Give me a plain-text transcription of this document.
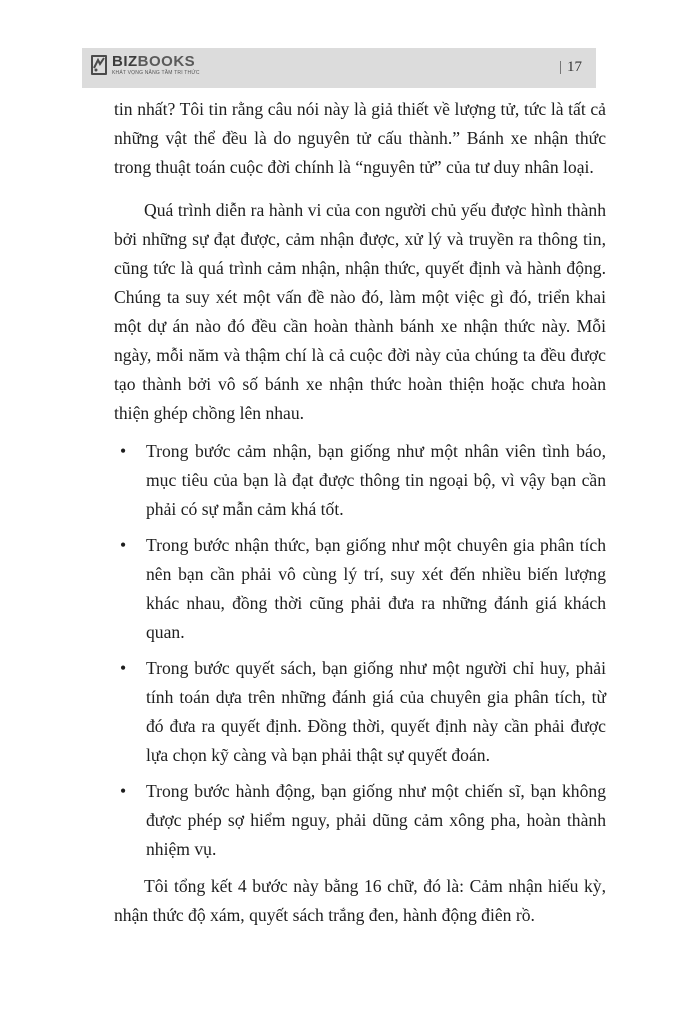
BIZBOOKS
KHÁT VỌNG NÂNG TẦM TRI THỨC	| 17

tin nhất? Tôi tin rằng câu nói này là giả thiết về lượng tử, tức là tất cả những vật thể đều là do nguyên tử cấu thành.” Bánh xe nhận thức trong thuật toán cuộc đời chính là “nguyên tử” của tư duy nhân loại.

Quá trình diễn ra hành vi của con người chủ yếu được hình thành bởi những sự đạt được, cảm nhận được, xử lý và truyền ra thông tin, cũng tức là quá trình cảm nhận, nhận thức, quyết định và hành động. Chúng ta suy xét một vấn đề nào đó, làm một việc gì đó, triển khai một dự án nào đó đều cần hoàn thành bánh xe nhận thức này. Mỗi ngày, mỗi năm và thậm chí là cả cuộc đời này của chúng ta đều được tạo thành bởi vô số bánh xe nhận thức hoàn thiện hoặc chưa hoàn thiện ghép chồng lên nhau.

• Trong bước cảm nhận, bạn giống như một nhân viên tình báo, mục tiêu của bạn là đạt được thông tin ngoại bộ, vì vậy bạn cần phải có sự mẫn cảm khá tốt.
• Trong bước nhận thức, bạn giống như một chuyên gia phân tích nên bạn cần phải vô cùng lý trí, suy xét đến nhiều biến lượng khác nhau, đồng thời cũng phải đưa ra những đánh giá khách quan.
• Trong bước quyết sách, bạn giống như một người chỉ huy, phải tính toán dựa trên những đánh giá của chuyên gia phân tích, từ đó đưa ra quyết định. Đồng thời, quyết định này cần phải được lựa chọn kỹ càng và bạn phải thật sự quyết đoán.
• Trong bước hành động, bạn giống như một chiến sĩ, bạn không được phép sợ hiểm nguy, phải dũng cảm xông pha, hoàn thành nhiệm vụ.

Tôi tổng kết 4 bước này bằng 16 chữ, đó là: Cảm nhận hiếu kỳ, nhận thức độ xám, quyết sách trắng đen, hành động điên rồ.
